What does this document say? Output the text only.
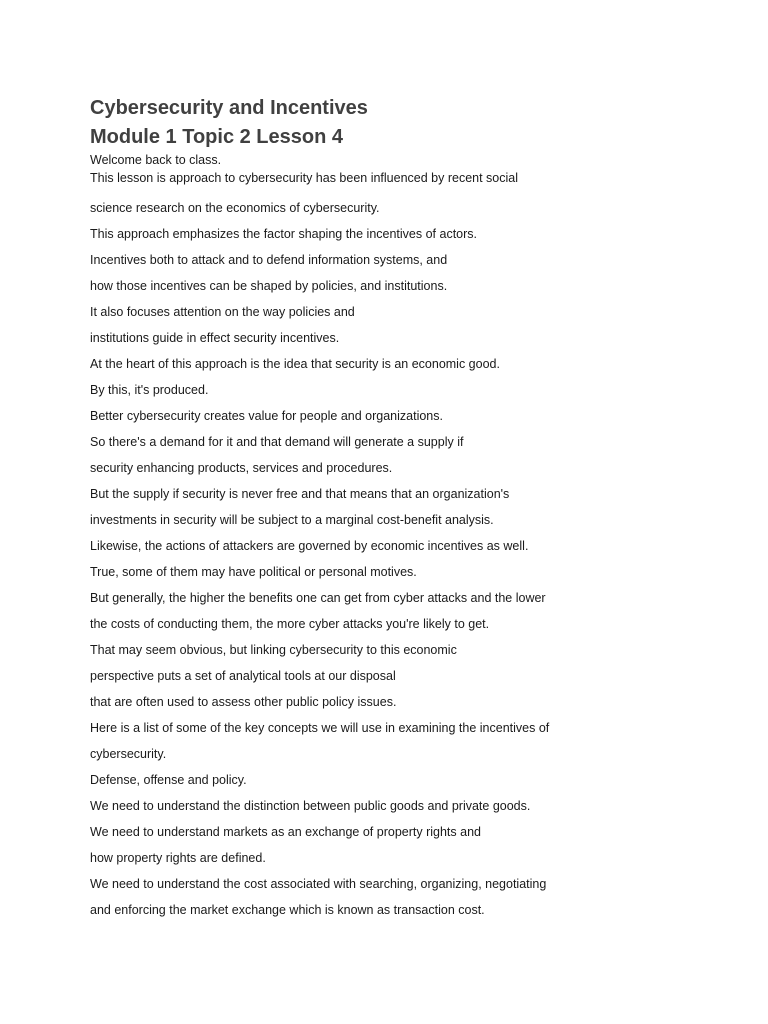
Cybersecurity and Incentives
Module 1 Topic 2 Lesson 4
Welcome back to class.
This lesson is approach to cybersecurity has been influenced by recent social
science research on the economics of cybersecurity.
This approach emphasizes the factor shaping the incentives of actors.
Incentives both to attack and to defend information systems, and
how those incentives can be shaped by policies, and institutions.
It also focuses attention on the way policies and
institutions guide in effect security incentives.
At the heart of this approach is the idea that security is an economic good.
By this, it's produced.
Better cybersecurity creates value for people and organizations.
So there's a demand for it and that demand will generate a supply if
security enhancing products, services and procedures.
But the supply if security is never free and that means that an organization's
investments in security will be subject to a marginal cost-benefit analysis.
Likewise, the actions of attackers are governed by economic incentives as well.
True, some of them may have political or personal motives.
But generally, the higher the benefits one can get from cyber attacks and the lower
the costs of conducting them, the more cyber attacks you're likely to get.
That may seem obvious, but linking cybersecurity to this economic
perspective puts a set of analytical tools at our disposal
that are often used to assess other public policy issues.
Here is a list of some of the key concepts we will use in examining the incentives of
cybersecurity.
Defense, offense and policy.
We need to understand the distinction between public goods and private goods.
We need to understand markets as an exchange of property rights and
how property rights are defined.
We need to understand the cost associated with searching, organizing, negotiating
and enforcing the market exchange which is known as transaction cost.
